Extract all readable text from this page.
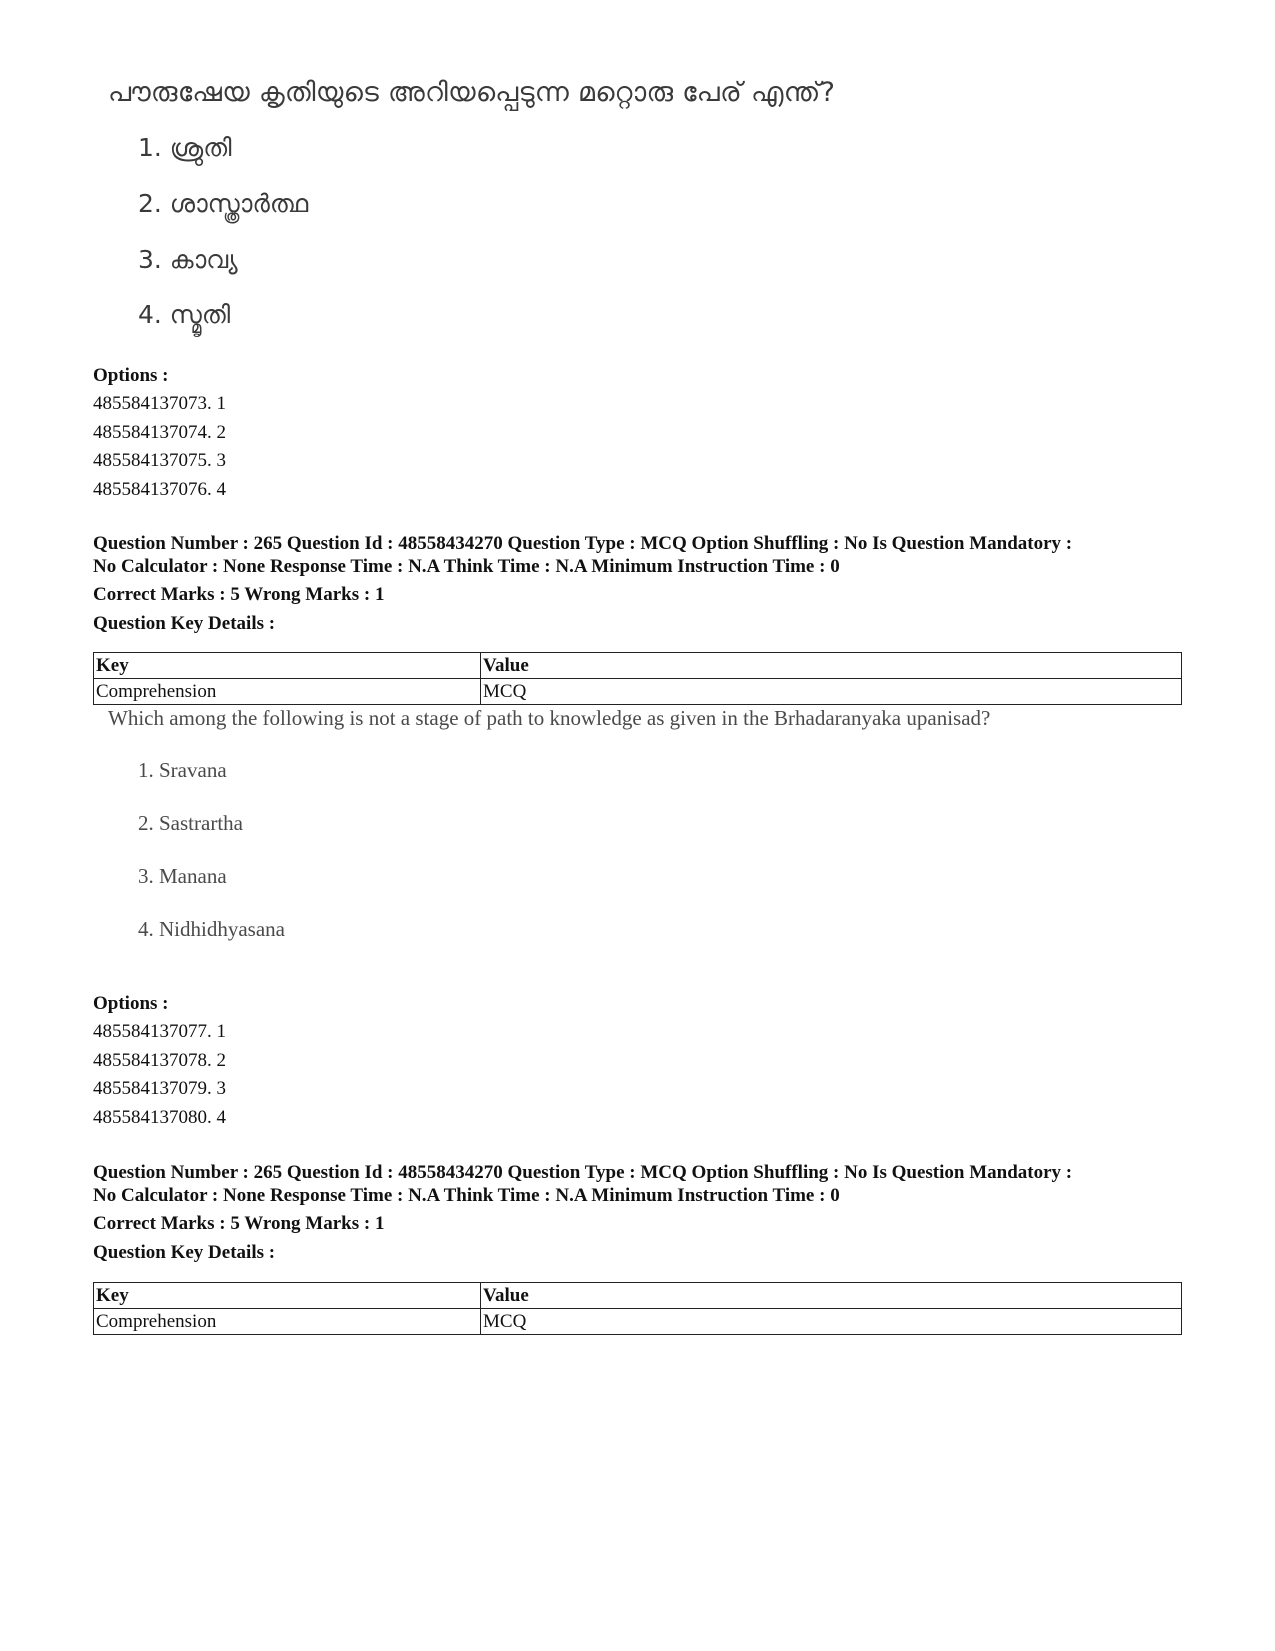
പൗരുഷേയ കൃതിയുടെ അറിയപ്പെടുന്ന മറ്റൊരു പേര് എന്ത്?

1. ശ്രുതി
2. ശാസ്ത്രാർത്ഥ
3. കാവ്യ
4. സ്മൃതി

Options :

485584137073. 1
485584137074. 2
485584137075. 3
485584137076. 4

Question Number : 265 Question Id : 48558434270 Question Type : MCQ Option Shuffling : No Is Question Mandatory :

No Calculator : None Response Time : N.A Think Time : N.A Minimum Instruction Time : 0

Correct Marks : 5 Wrong Marks : 1

Question Key Details :

Key	Value
Comprehension	MCQ

Which among the following is not a stage of path to knowledge as given in the Brhadaranyaka upanisad?

1. Sravana
2. Sastrartha
3. Manana
4. Nidhidhyasana

Options :

485584137077. 1
485584137078. 2
485584137079. 3
485584137080. 4

Question Number : 265 Question Id : 48558434270 Question Type : MCQ Option Shuffling : No Is Question Mandatory :

No Calculator : None Response Time : N.A Think Time : N.A Minimum Instruction Time : 0

Correct Marks : 5 Wrong Marks : 1

Question Key Details :

Key	Value
Comprehension	MCQ
